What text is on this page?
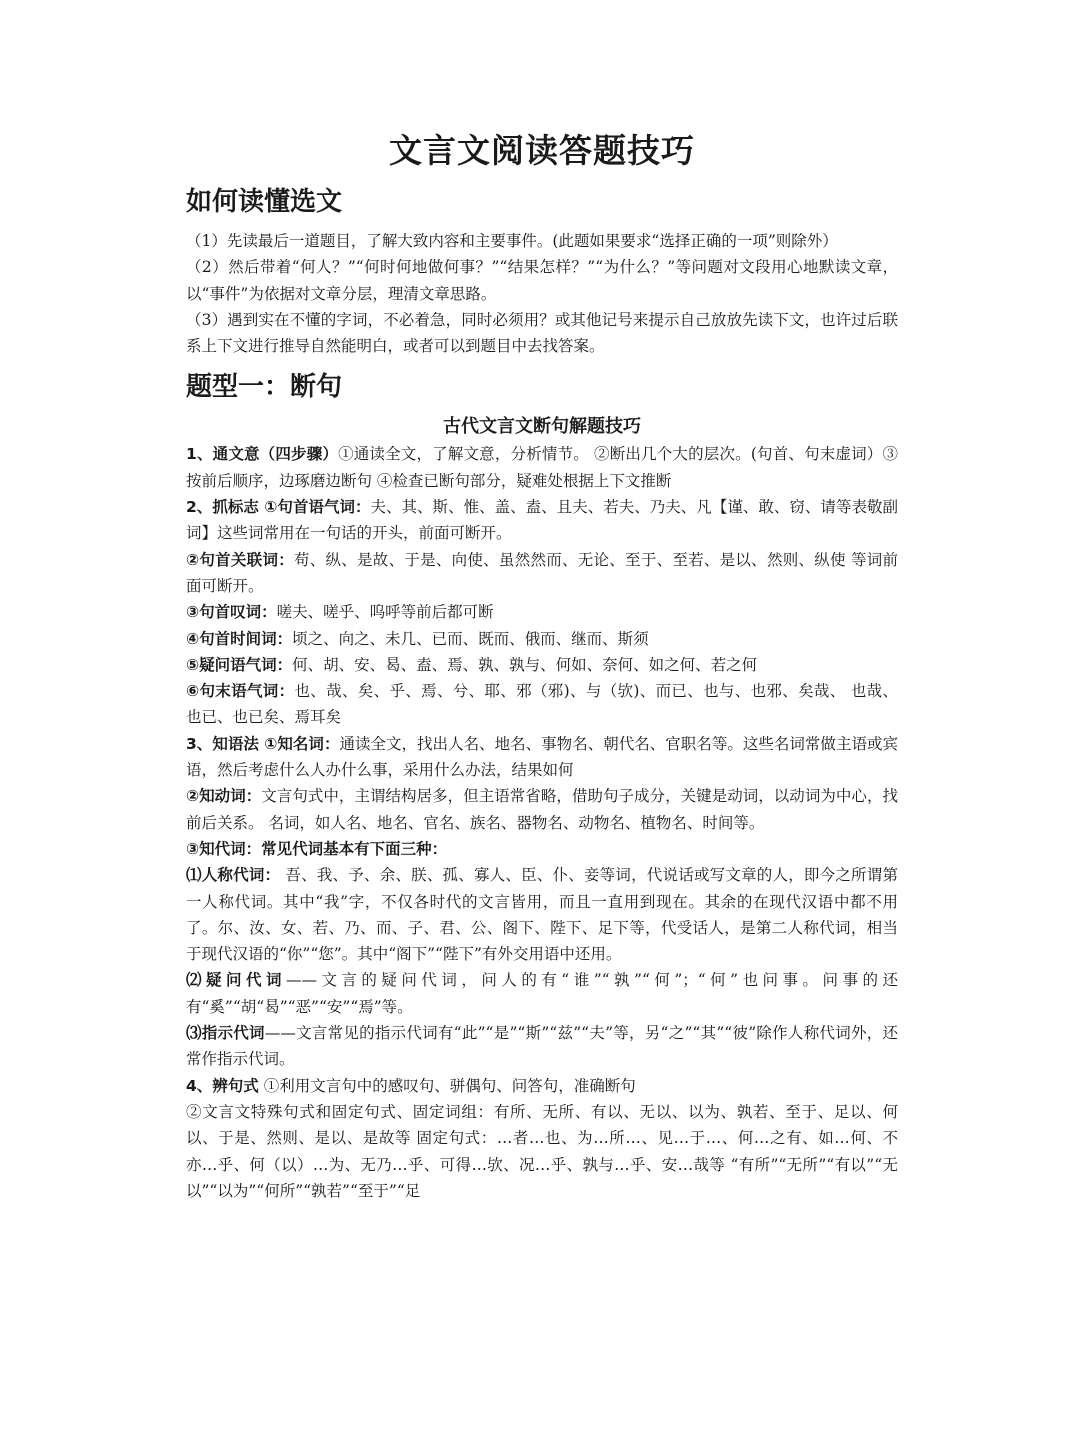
文言文阅读答题技巧
如何读懂选文

（1）先读最后一道题目，了解大致内容和主要事件。(此题如果要求“选择正确的一项”则除外）

（2）然后带着“何人？”“何时何地做何事？”“结果怎样？”“为什么？”等问题对文段用心地默读文章，以“事件”为依据对文章分层，理清文章思路。

（3）遇到实在不懂的字词，不必着急，同时必须用？或其他记号来提示自己放放先读下文，也许过后联系上下文进行推导自然能明白，或者可以到题目中去找答案。

题型一：断句
古代文言文断句解题技巧

1、通文意（四步骤）①通读全文，了解文意，分析情节。 ②断出几个大的层次。(句首、句末虚词）③按前后顺序，边琢磨边断句 ④检查已断句部分，疑难处根据上下文推断

2、抓标志 ①句首语气词：夫、其、斯、惟、盖、盍、且夫、若夫、乃夫、凡【谨、敢、窃、请等表敬副词】这些词常用在一句话的开头，前面可断开。

②句首关联词：苟、纵、是故、于是、向使、虽然然而、无论、至于、至若、是以、然则、纵使 等词前面可断开。

③句首叹词：嗟夫、嗟乎、呜呼等前后都可断

④句首时间词：顷之、向之、未几、已而、既而、俄而、继而、斯须

⑤疑问语气词：何、胡、安、曷、盍、焉、孰、孰与、何如、奈何、如之何、若之何

⑥句末语气词：也、哉、矣、乎、焉、兮、耶、邪（邪)、与（欤)、而已、也与、也邪、矣哉、 也哉、也已、也已矣、焉耳矣

3、知语法 ①知名词：通读全文，找出人名、地名、事物名、朝代名、官职名等。这些名词常做主语或宾语，然后考虑什么人办什么事，采用什么办法，结果如何

②知动词：文言句式中，主谓结构居多，但主语常省略，借助句子成分，关键是动词，以动词为中心，找前后关系。 名词，如人名、地名、官名、族名、器物名、动物名、植物名、时间等。

③知代词：常见代词基本有下面三种：

⑴人称代词： 吾、我、予、余、朕、孤、寡人、臣、仆、妾等词，代说话或写文章的人，即今之所谓第一人称代词。其中“我”字，不仅各时代的文言皆用，而且一直用到现在。其余的在现代汉语中都不用了。尔、汝、女、若、乃、而、子、君、公、阁下、陛下、足下等，代受话人，是第二人称代词，相当于现代汉语的“你”“您”。其中“阁下”“陛下”有外交用语中还用。

⑵疑问代词——文言的疑问代词，问人的有“谁”“孰”“何”；“何”也问事。问事的还有“奚”“胡“曷”“恶”“安”“焉”等。

⑶指示代词——文言常见的指示代词有“此”“是”“斯”“兹”“夫”等，另“之”“其”“彼”除作人称代词外，还常作指示代词。

4、辨句式 ①利用文言句中的感叹句、骈偶句、问答句，准确断句

②文言文特殊句式和固定句式、固定词组：有所、无所、有以、无以、以为、孰若、至于、足以、何以、于是、然则、是以、是故等 固定句式：…者…也、为…所…、见…于…、何…之有、如…何、不亦…乎、何（以）…为、无乃…乎、可得…欤、况…乎、孰与…乎、安…哉等 “有所”“无所”“有以”“无以”“以为”“何所”“孰若”“至于”“足
